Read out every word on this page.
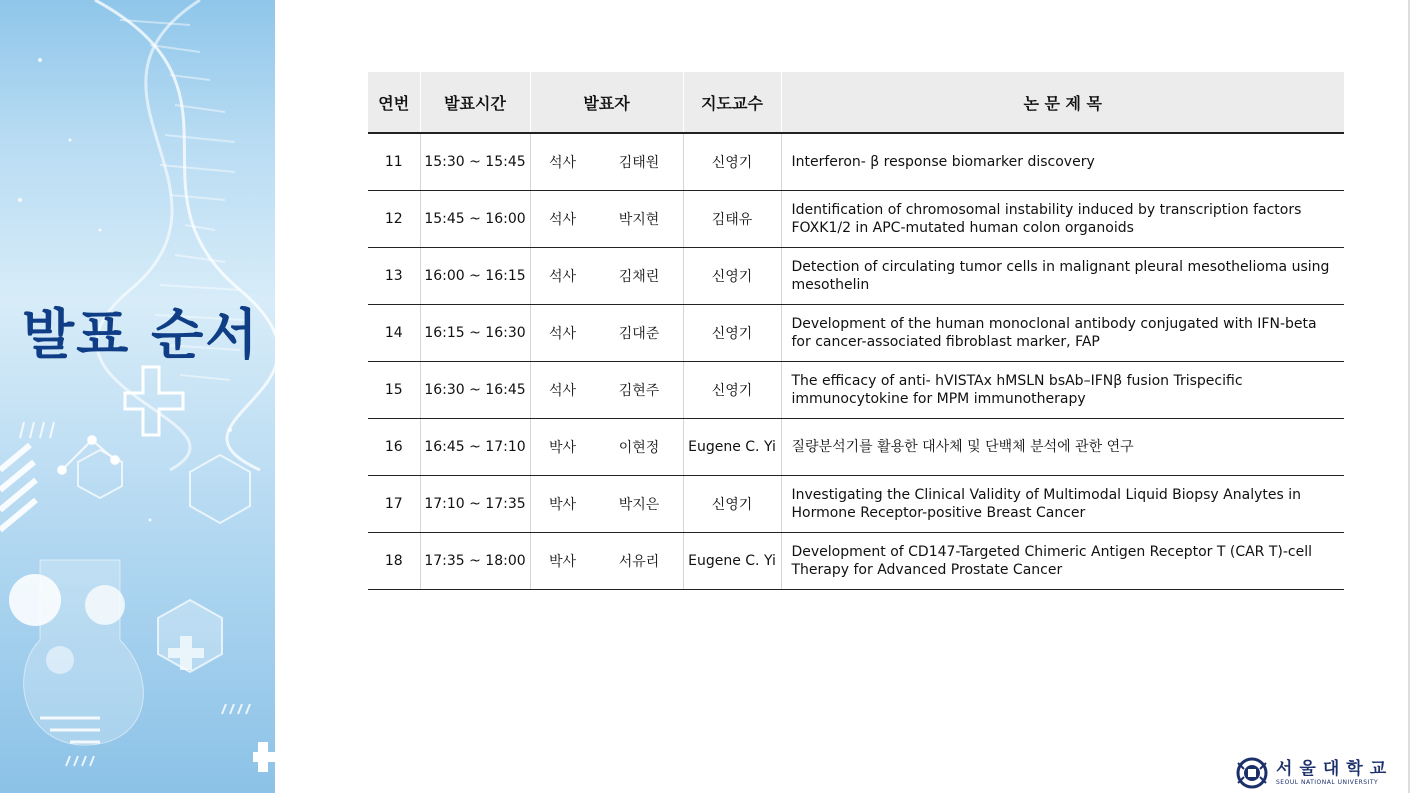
발표 순서
연번	발표시간	발표자		지도교수	논 문 제 목
11	15:30 ~ 15:45	석사	김태원	신영기	Interferon- β response biomarker discovery
12	15:45 ~ 16:00	석사	박지현	김태유	Identification of chromosomal instability induced by transcription factors FOXK1/2 in APC-mutated human colon organoids
13	16:00 ~ 16:15	석사	김채린	신영기	Detection of circulating tumor cells in malignant pleural mesothelioma using mesothelin
14	16:15 ~ 16:30	석사	김대준	신영기	Development of the human monoclonal antibody conjugated with IFN-beta for cancer-associated fibroblast marker, FAP
15	16:30 ~ 16:45	석사	김현주	신영기	The efficacy of anti- hVISTAx hMSLN bsAb–IFNβ fusion Trispecific immunocytokine for MPM immunotherapy
16	16:45 ~ 17:10	박사	이현정	Eugene C. Yi	질량분석기를 활용한 대사체 및 단백체 분석에 관한 연구
17	17:10 ~ 17:35	박사	박지은	신영기	Investigating the Clinical Validity of Multimodal Liquid Biopsy Analytes in Hormone Receptor-positive Breast Cancer
18	17:35 ~ 18:00	박사	서유리	Eugene C. Yi	Development of CD147-Targeted Chimeric Antigen Receptor T (CAR T)-cell Therapy for Advanced Prostate Cancer
서울대학교
SEOUL NATIONAL UNIVERSITY
